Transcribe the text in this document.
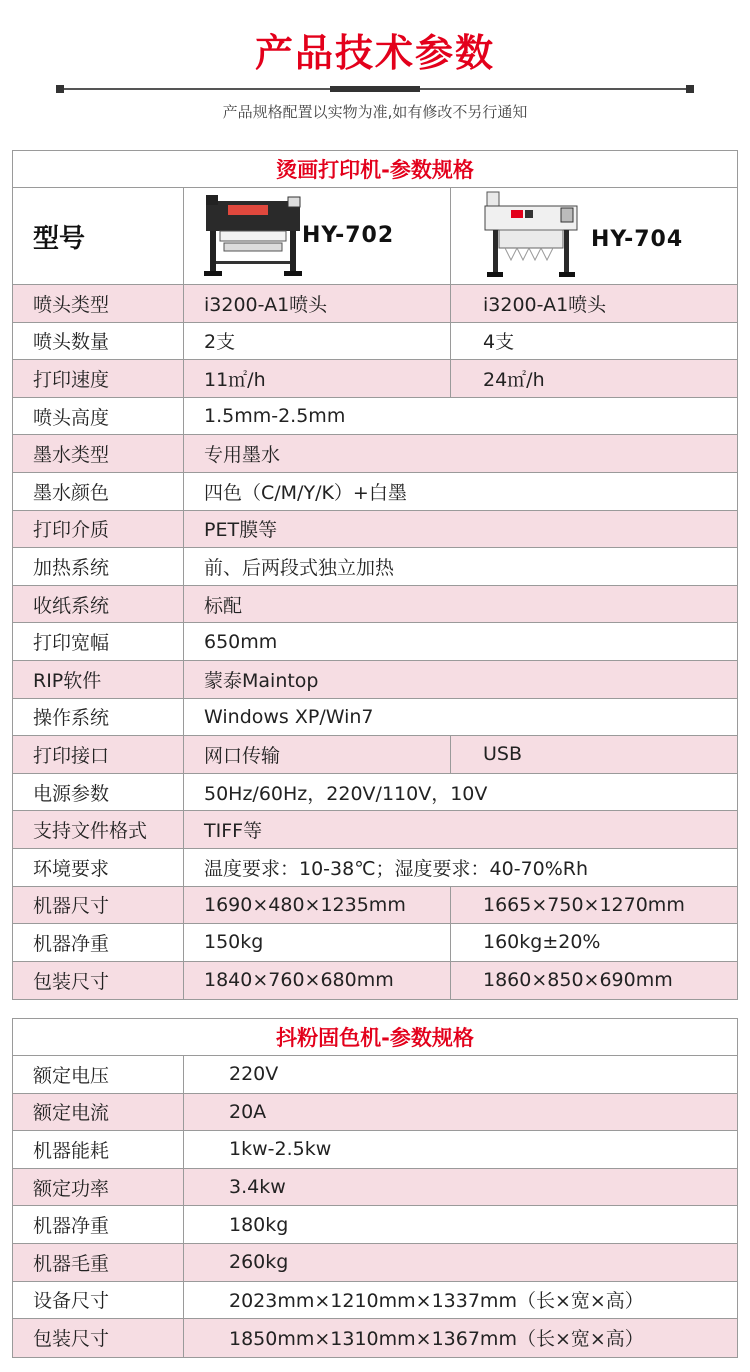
产品技术参数
产品规格配置以实物为准,如有修改不另行通知
烫画打印机-参数规格
型号	HY-702	HY-704
喷头类型	i3200-A1喷头	i3200-A1喷头
喷头数量	2支	4支
打印速度	11㎡/h	24㎡/h
喷头高度	1.5mm-2.5mm
墨水类型	专用墨水
墨水颜色	四色（C/M/Y/K）+白墨
打印介质	PET膜等
加热系统	前、后两段式独立加热
收纸系统	标配
打印宽幅	650mm
RIP软件	蒙泰Maintop
操作系统	Windows XP/Win7
打印接口	网口传输	USB
电源参数	50Hz/60Hz，220V/110V，10V
支持文件格式	TIFF等
环境要求	温度要求：10-38℃；湿度要求：40-70%Rh
机器尺寸	1690×480×1235mm	1665×750×1270mm
机器净重	150kg	160kg±20%
包装尺寸	1840×760×680mm	1860×850×690mm
抖粉固色机-参数规格
额定电压	220V
额定电流	20A
机器能耗	1kw-2.5kw
额定功率	3.4kw
机器净重	180kg
机器毛重	260kg
设备尺寸	2023mm×1210mm×1337mm（长×宽×高）
包装尺寸	1850mm×1310mm×1367mm（长×宽×高）
